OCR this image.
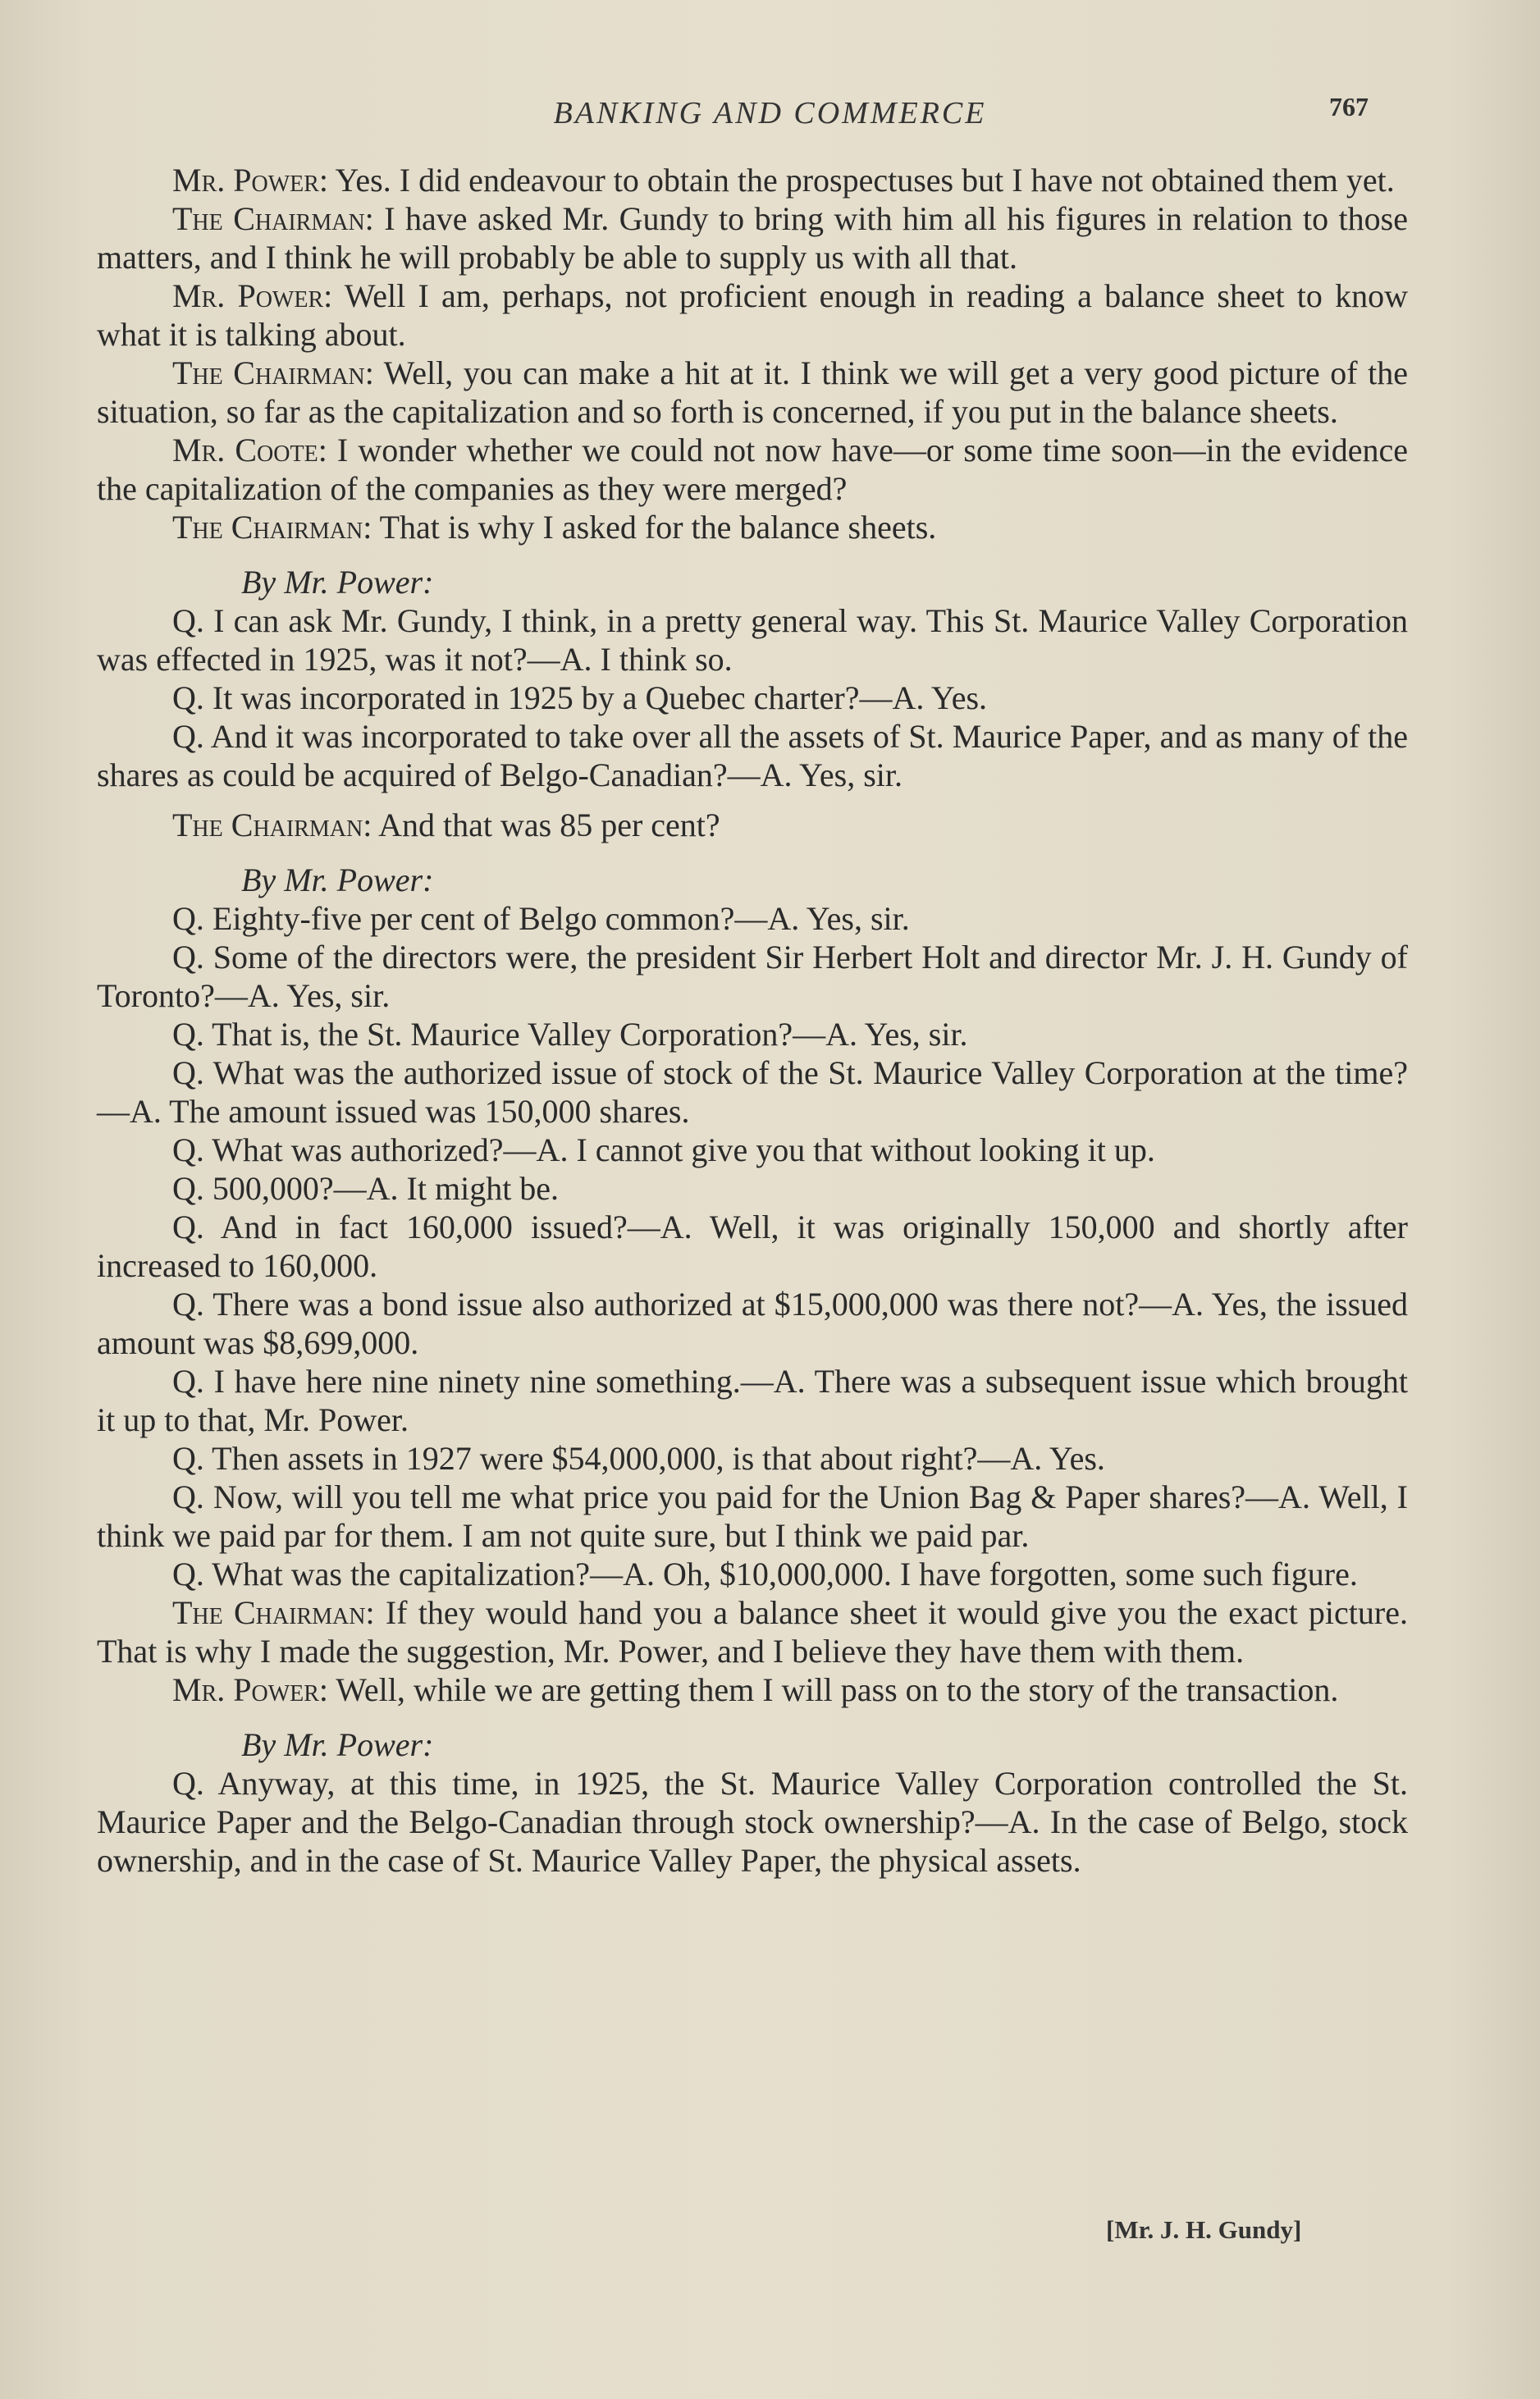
BANKING AND COMMERCE	767

Mr. Power: Yes. I did endeavour to obtain the prospectuses but I have not obtained them yet.

The Chairman: I have asked Mr. Gundy to bring with him all his figures in relation to those matters, and I think he will probably be able to supply us with all that.

Mr. Power: Well I am, perhaps, not proficient enough in reading a balance sheet to know what it is talking about.

The Chairman: Well, you can make a hit at it. I think we will get a very good picture of the situation, so far as the capitalization and so forth is concerned, if you put in the balance sheets.

Mr. Coote: I wonder whether we could not now have—or some time soon—in the evidence the capitalization of the companies as they were merged?

The Chairman: That is why I asked for the balance sheets.

By Mr. Power:

Q. I can ask Mr. Gundy, I think, in a pretty general way. This St. Maurice Valley Corporation was effected in 1925, was it not?—A. I think so.

Q. It was incorporated in 1925 by a Quebec charter?—A. Yes.

Q. And it was incorporated to take over all the assets of St. Maurice Paper, and as many of the shares as could be acquired of Belgo-Canadian?—A. Yes, sir.

The Chairman: And that was 85 per cent?

By Mr. Power:

Q. Eighty-five per cent of Belgo common?—A. Yes, sir.

Q. Some of the directors were, the president Sir Herbert Holt and director Mr. J. H. Gundy of Toronto?—A. Yes, sir.

Q. That is, the St. Maurice Valley Corporation?—A. Yes, sir.

Q. What was the authorized issue of stock of the St. Maurice Valley Corporation at the time?—A. The amount issued was 150,000 shares.

Q. What was authorized?—A. I cannot give you that without looking it up.

Q. 500,000?—A. It might be.

Q. And in fact 160,000 issued?—A. Well, it was originally 150,000 and shortly after increased to 160,000.

Q. There was a bond issue also authorized at $15,000,000 was there not?—A. Yes, the issued amount was $8,699,000.

Q. I have here nine ninety nine something.—A. There was a subsequent issue which brought it up to that, Mr. Power.

Q. Then assets in 1927 were $54,000,000, is that about right?—A. Yes.

Q. Now, will you tell me what price you paid for the Union Bag & Paper shares?—A. Well, I think we paid par for them. I am not quite sure, but I think we paid par.

Q. What was the capitalization?—A. Oh, $10,000,000. I have forgotten, some such figure.

The Chairman: If they would hand you a balance sheet it would give you the exact picture. That is why I made the suggestion, Mr. Power, and I believe they have them with them.

Mr. Power: Well, while we are getting them I will pass on to the story of the transaction.

By Mr. Power:

Q. Anyway, at this time, in 1925, the St. Maurice Valley Corporation controlled the St. Maurice Paper and the Belgo-Canadian through stock ownership?—A. In the case of Belgo, stock ownership, and in the case of St. Maurice Valley Paper, the physical assets.

[Mr. J. H. Gundy]
